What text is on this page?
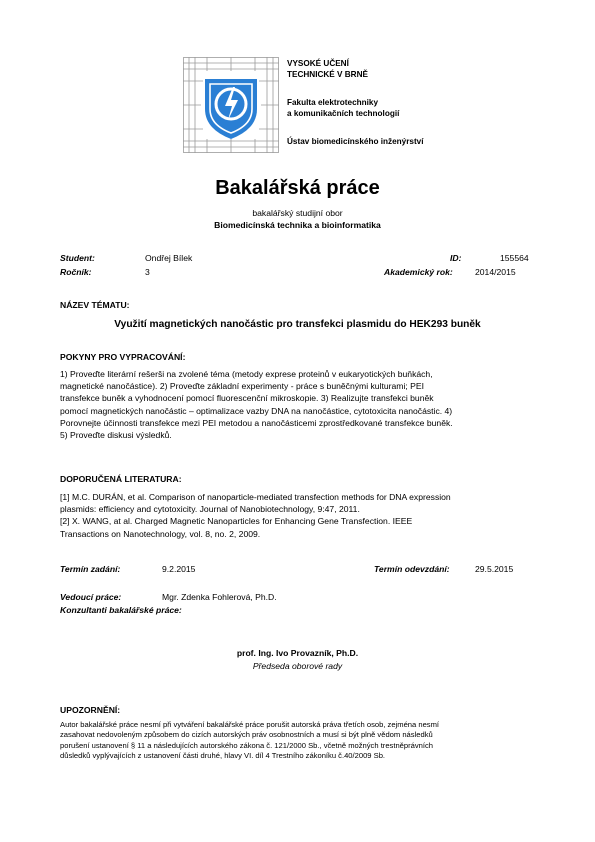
VYSOKÉ UČENÍ
TECHNICKÉ V BRNĚ
Fakulta elektrotechniky
a komunikačních technologií
Ústav biomedicínského inženýrství
Bakalářská práce
bakalářský studijní obor
Biomedicínská technika a bioinformatika
Student:	Ondřej Bílek	ID:	155564
Ročník:	3	Akademický rok:	2014/2015
NÁZEV TÉMATU:
Využití magnetických nanočástic pro transfekci plasmidu do HEK293 buněk
POKYNY PRO VYPRACOVÁNÍ:
1) Proveďte literární rešerši na zvolené téma (metody exprese proteinů v eukaryotických buňkách,
magnetické nanočástice). 2) Proveďte základní experimenty - práce s buněčnými kulturami; PEI
transfekce buněk a vyhodnocení pomocí fluorescenční mikroskopie. 3) Realizujte transfekci buněk
pomocí magnetických nanočástic – optimalizace vazby DNA na nanočástice, cytotoxicita nanočástic. 4)
Porovnejte účinnosti transfekce mezi PEI metodou a nanočásticemi zprostředkované transfekce buněk.
5) Proveďte diskusi výsledků.
DOPORUČENÁ LITERATURA:
[1] M.C. DURÁN, et al. Comparison of nanoparticle-mediated transfection methods for DNA expression
plasmids: efficiency and cytotoxicity. Journal of Nanobiotechnology, 9:47, 2011.
[2] X. WANG, at al. Charged Magnetic Nanoparticles for Enhancing Gene Transfection. IEEE
Transactions on Nanotechnology, vol. 8, no. 2, 2009.
Termín zadání:	9.2.2015	Termín odevzdání:	29.5.2015
Vedoucí práce:	Mgr. Zdenka Fohlerová, Ph.D.
Konzultanti bakalářské práce:
prof. Ing. Ivo Provazník, Ph.D.
Předseda oborové rady
UPOZORNĚNÍ:
Autor bakalářské práce nesmí při vytváření bakalářské práce porušit autorská práva třetích osob, zejména nesmí
zasahovat nedovoleným způsobem do cizích autorských práv osobnostních a musí si být plně vědom následků
porušení ustanovení § 11 a následujících autorského zákona č. 121/2000 Sb., včetně možných trestněprávních
důsledků vyplývajících z ustanovení části druhé, hlavy VI. díl 4 Trestního zákoníku č.40/2009 Sb.
